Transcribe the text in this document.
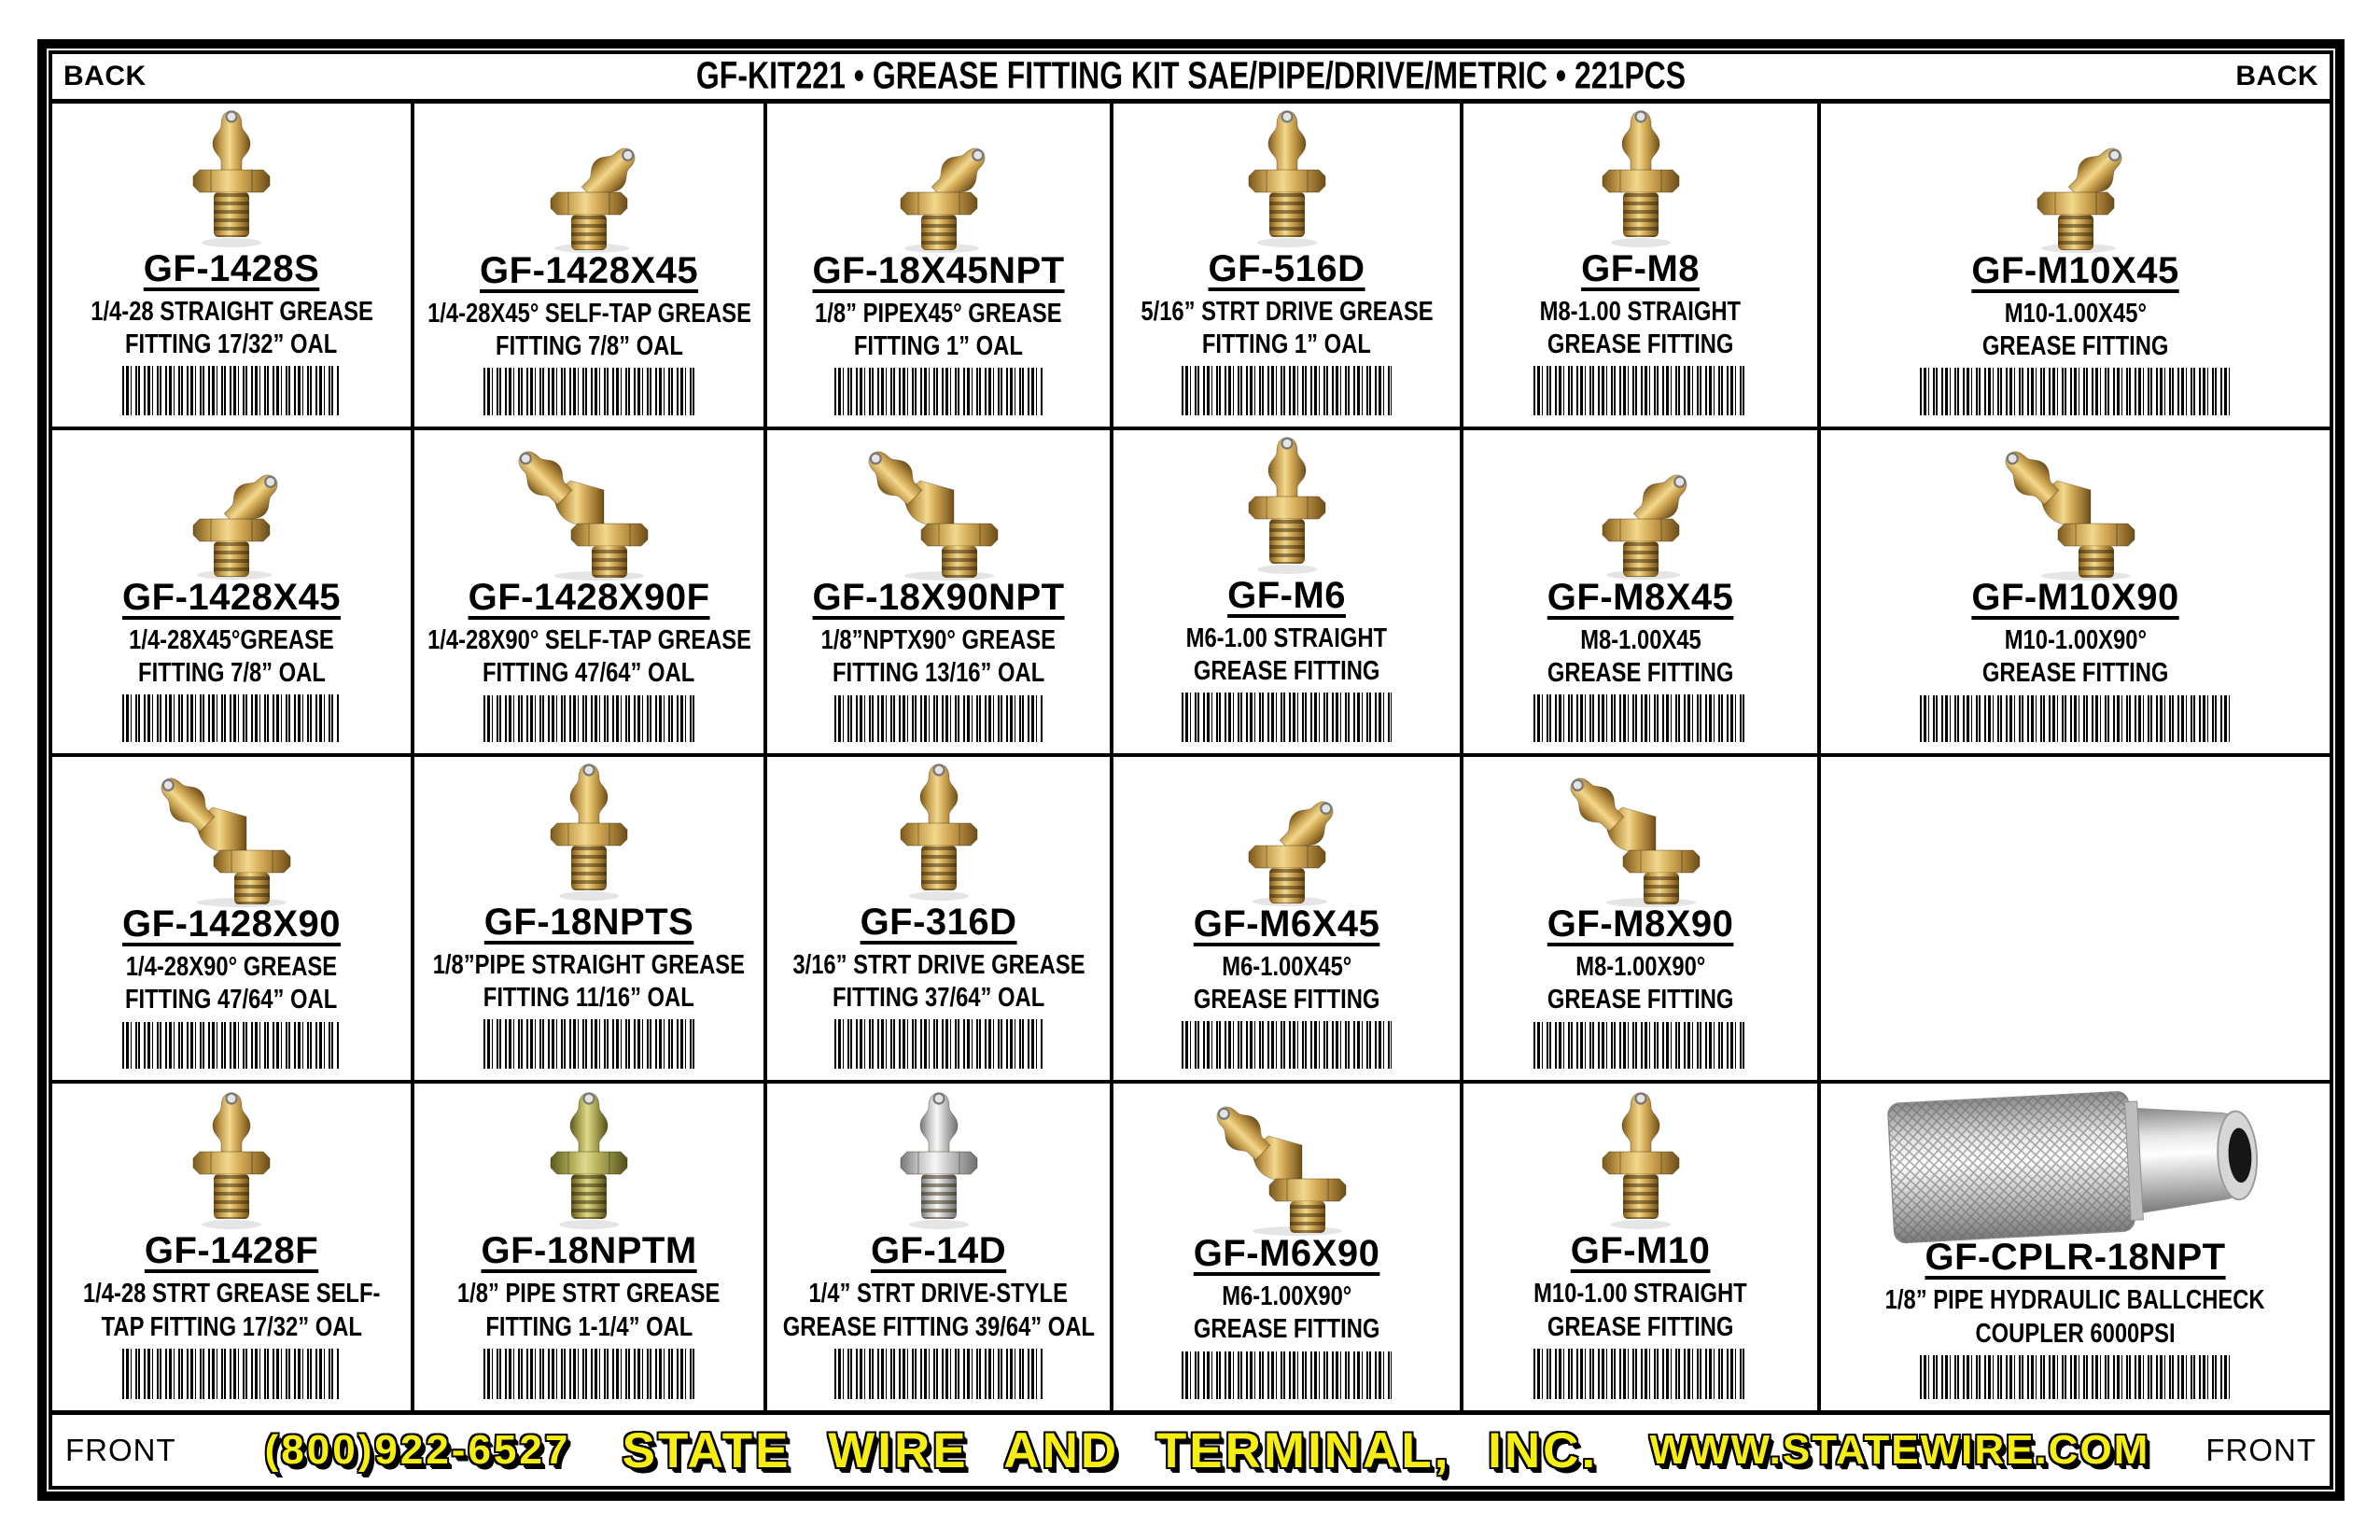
BACK	GF-KIT221 • GREASE FITTING KIT SAE/PIPE/DRIVE/METRIC • 221PCS	BACK
GF-1428S
1/4-28 STRAIGHT GREASE
FITTING 17/32” OAL
GF-1428X45
1/4-28X45° SELF-TAP GREASE
FITTING 7/8” OAL
GF-18X45NPT
1/8” PIPEX45° GREASE
FITTING 1” OAL
GF-516D
5/16” STRT DRIVE GREASE
FITTING 1” OAL
GF-M8
M8-1.00 STRAIGHT
GREASE FITTING
GF-M10X45
M10-1.00X45°
GREASE FITTING
GF-1428X45
1/4-28X45°GREASE
FITTING 7/8” OAL
GF-1428X90F
1/4-28X90° SELF-TAP GREASE
FITTING 47/64” OAL
GF-18X90NPT
1/8”NPTX90° GREASE
FITTING 13/16” OAL
GF-M6
M6-1.00 STRAIGHT
GREASE FITTING
GF-M8X45
M8-1.00X45
GREASE FITTING
GF-M10X90
M10-1.00X90°
GREASE FITTING
GF-1428X90
1/4-28X90° GREASE
FITTING 47/64” OAL
GF-18NPTS
1/8”PIPE STRAIGHT GREASE
FITTING 11/16” OAL
GF-316D
3/16” STRT DRIVE GREASE
FITTING 37/64” OAL
GF-M6X45
M6-1.00X45°
GREASE FITTING
GF-M8X90
M8-1.00X90°
GREASE FITTING
GF-1428F
1/4-28 STRT GREASE SELF-
TAP FITTING 17/32” OAL
GF-18NPTM
1/8” PIPE STRT GREASE
FITTING 1-1/4” OAL
GF-14D
1/4” STRT DRIVE-STYLE
GREASE FITTING 39/64” OAL
GF-M6X90
M6-1.00X90°
GREASE FITTING
GF-M10
M10-1.00 STRAIGHT
GREASE FITTING
GF-CPLR-18NPT
1/8” PIPE HYDRAULIC BALLCHECK
COUPLER 6000PSI
FRONT (800)922-6527	STATE WIRE AND TERMINAL, INC.	WWW.STATEWIRE.COM FRONT
